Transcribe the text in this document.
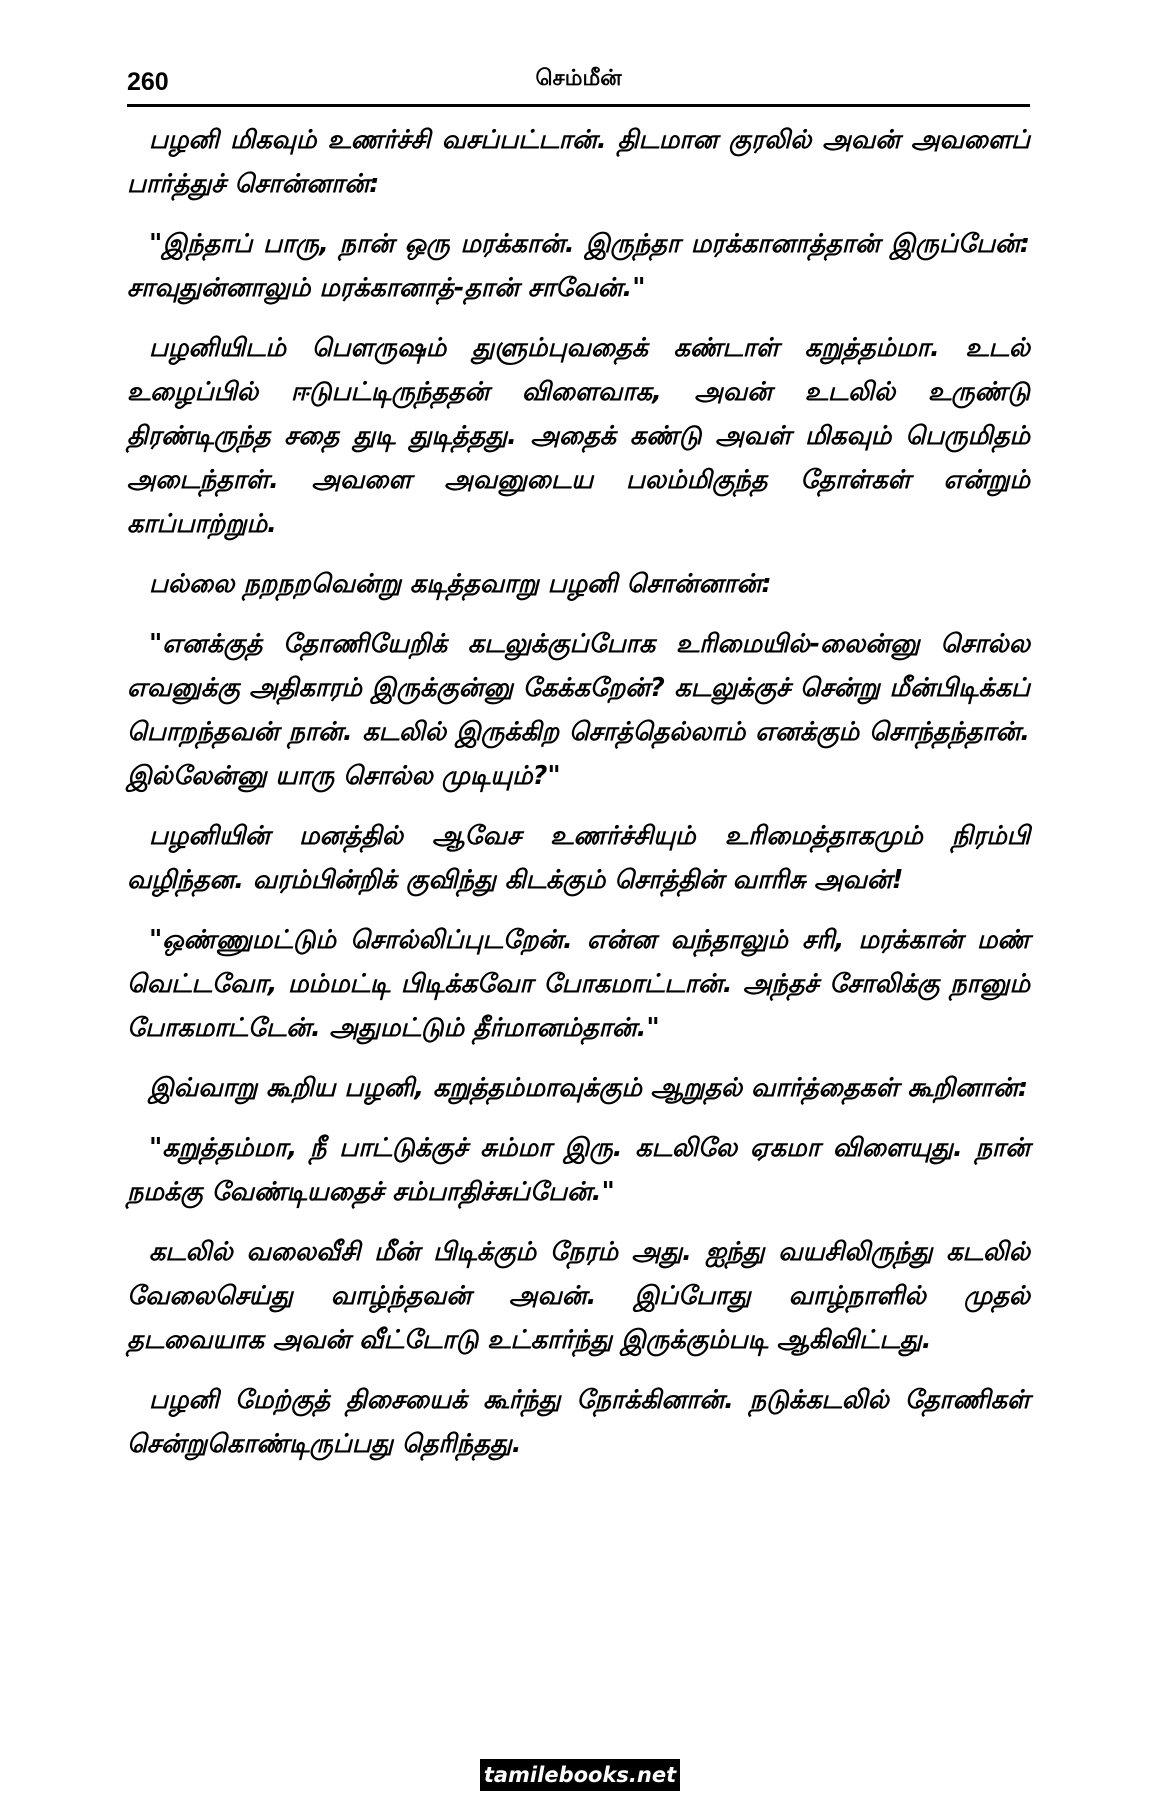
260	செம்மீன்

பழனி மிகவும் உணர்ச்சி வசப்பட்டான். திடமான குரலில் அவன் அவளைப் பார்த்துச் சொன்னான்:

"இந்தாப் பாரு, நான் ஒரு மரக்கான். இருந்தா மரக்கானாத்தான் இருப்பேன்: சாவுதுன்னாலும் மரக்கானாத்-தான் சாவேன்."

பழனியிடம் பௌருஷம் துளும்புவதைக் கண்டாள் கறுத்தம்மா. உடல் உழைப்பில் ஈடுபட்டிருந்ததன் விளைவாக, அவன் உடலில் உருண்டு திரண்டிருந்த சதை துடி துடித்தது. அதைக் கண்டு அவள் மிகவும் பெருமிதம் அடைந்தாள். அவளை அவனுடைய பலம்மிகுந்த தோள்கள் என்றும் காப்பாற்றும்.

பல்லை நறநறவென்று கடித்தவாறு பழனி சொன்னான்:

"எனக்குத் தோணியேறிக் கடலுக்குப்போக உரிமையில்-லைன்னு சொல்ல எவனுக்கு அதிகாரம் இருக்குன்னு கேக்கறேன்? கடலுக்குச் சென்று மீன்பிடிக்கப் பொறந்தவன் நான். கடலில் இருக்கிற சொத்தெல்லாம் எனக்கும் சொந்தந்தான். இல்லேன்னு யாரு சொல்ல முடியும்?"

பழனியின் மனத்தில் ஆவேச உணர்ச்சியும் உரிமைத்தாகமும் நிரம்பி வழிந்தன. வரம்பின்றிக் குவிந்து கிடக்கும் சொத்தின் வாரிசு அவன்!

"ஒண்ணுமட்டும் சொல்லிப்புடறேன். என்ன வந்தாலும் சரி, மரக்கான் மண் வெட்டவோ, மம்மட்டி பிடிக்கவோ போகமாட்டான். அந்தச் சோலிக்கு நானும் போகமாட்டேன். அதுமட்டும் தீர்மானம்தான்."

இவ்வாறு கூறிய பழனி, கறுத்தம்மாவுக்கும் ஆறுதல் வார்த்தைகள் கூறினான்:

"கறுத்தம்மா, நீ பாட்டுக்குச் சும்மா இரு. கடலிலே ஏகமா விளையுது. நான் நமக்கு வேண்டியதைச் சம்பாதிச்சுப்பேன்."

கடலில் வலைவீசி மீன் பிடிக்கும் நேரம் அது. ஐந்து வயசிலிருந்து கடலில் வேலைசெய்து வாழ்ந்தவன் அவன். இப்போது வாழ்நாளில் முதல் தடவையாக அவன் வீட்டோடு உட்கார்ந்து இருக்கும்படி ஆகிவிட்டது.

பழனி மேற்குத் திசையைக் கூர்ந்து நோக்கினான். நடுக்கடலில் தோணிகள் சென்றுகொண்டிருப்பது தெரிந்தது.

tamilebooks.net
